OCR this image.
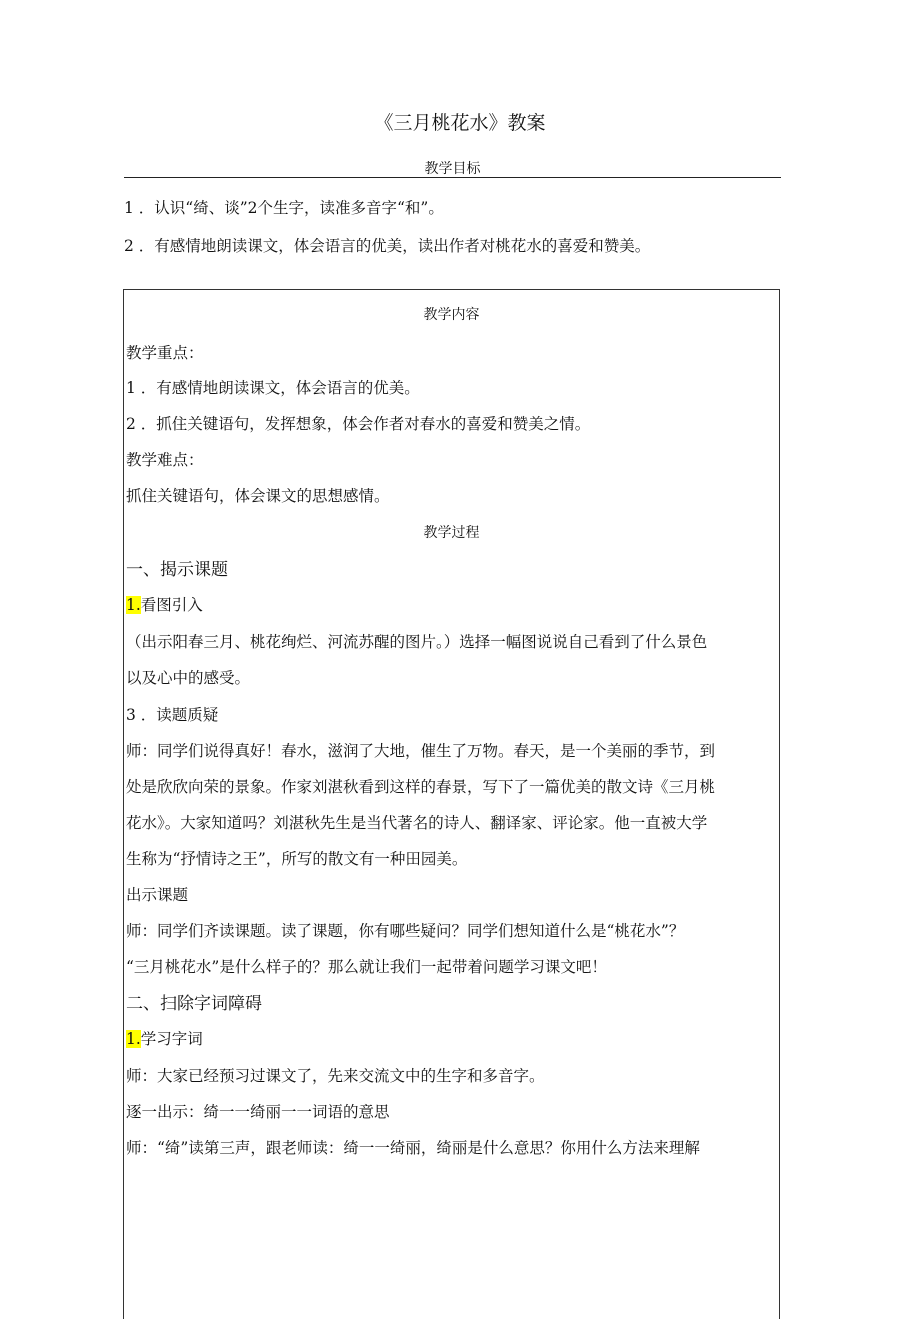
《三月桃花水》教案
教学目标
1 ．认识“绮、谈”2个生字，读准多音字“和”。
2 ．有感情地朗读课文，体会语言的优美，读出作者对桃花水的喜爱和赞美。
教学内容
教学重点：
1 ．有感情地朗读课文，体会语言的优美。
2 ．抓住关键语句，发挥想象，体会作者对春水的喜爱和赞美之情。
教学难点：
抓住关键语句，体会课文的思想感情。
教学过程
一、揭示课题
1.看图引入
（出示阳春三月、桃花绚烂、河流苏醒的图片。）选择一幅图说说自己看到了什么景色
以及心中的感受。
3 ．读题质疑
师：同学们说得真好！春水，滋润了大地，催生了万物。春天，是一个美丽的季节，到
处是欣欣向荣的景象。作家刘湛秋看到这样的春景，写下了一篇优美的散文诗《三月桃
花水》。大家知道吗？刘湛秋先生是当代著名的诗人、翻译家、评论家。他一直被大学
生称为“抒情诗之王”，所写的散文有一种田园美。
出示课题
师：同学们齐读课题。读了课题，你有哪些疑问？同学们想知道什么是“桃花水”？
“三月桃花水”是什么样子的？那么就让我们一起带着问题学习课文吧！
二、扫除字词障碍
1.学习字词
师：大家已经预习过课文了，先来交流文中的生字和多音字。
逐一出示：绮一一绮丽一一词语的意思
师：“绮”读第三声，跟老师读：绮一一绮丽，绮丽是什么意思？你用什么方法来理解
